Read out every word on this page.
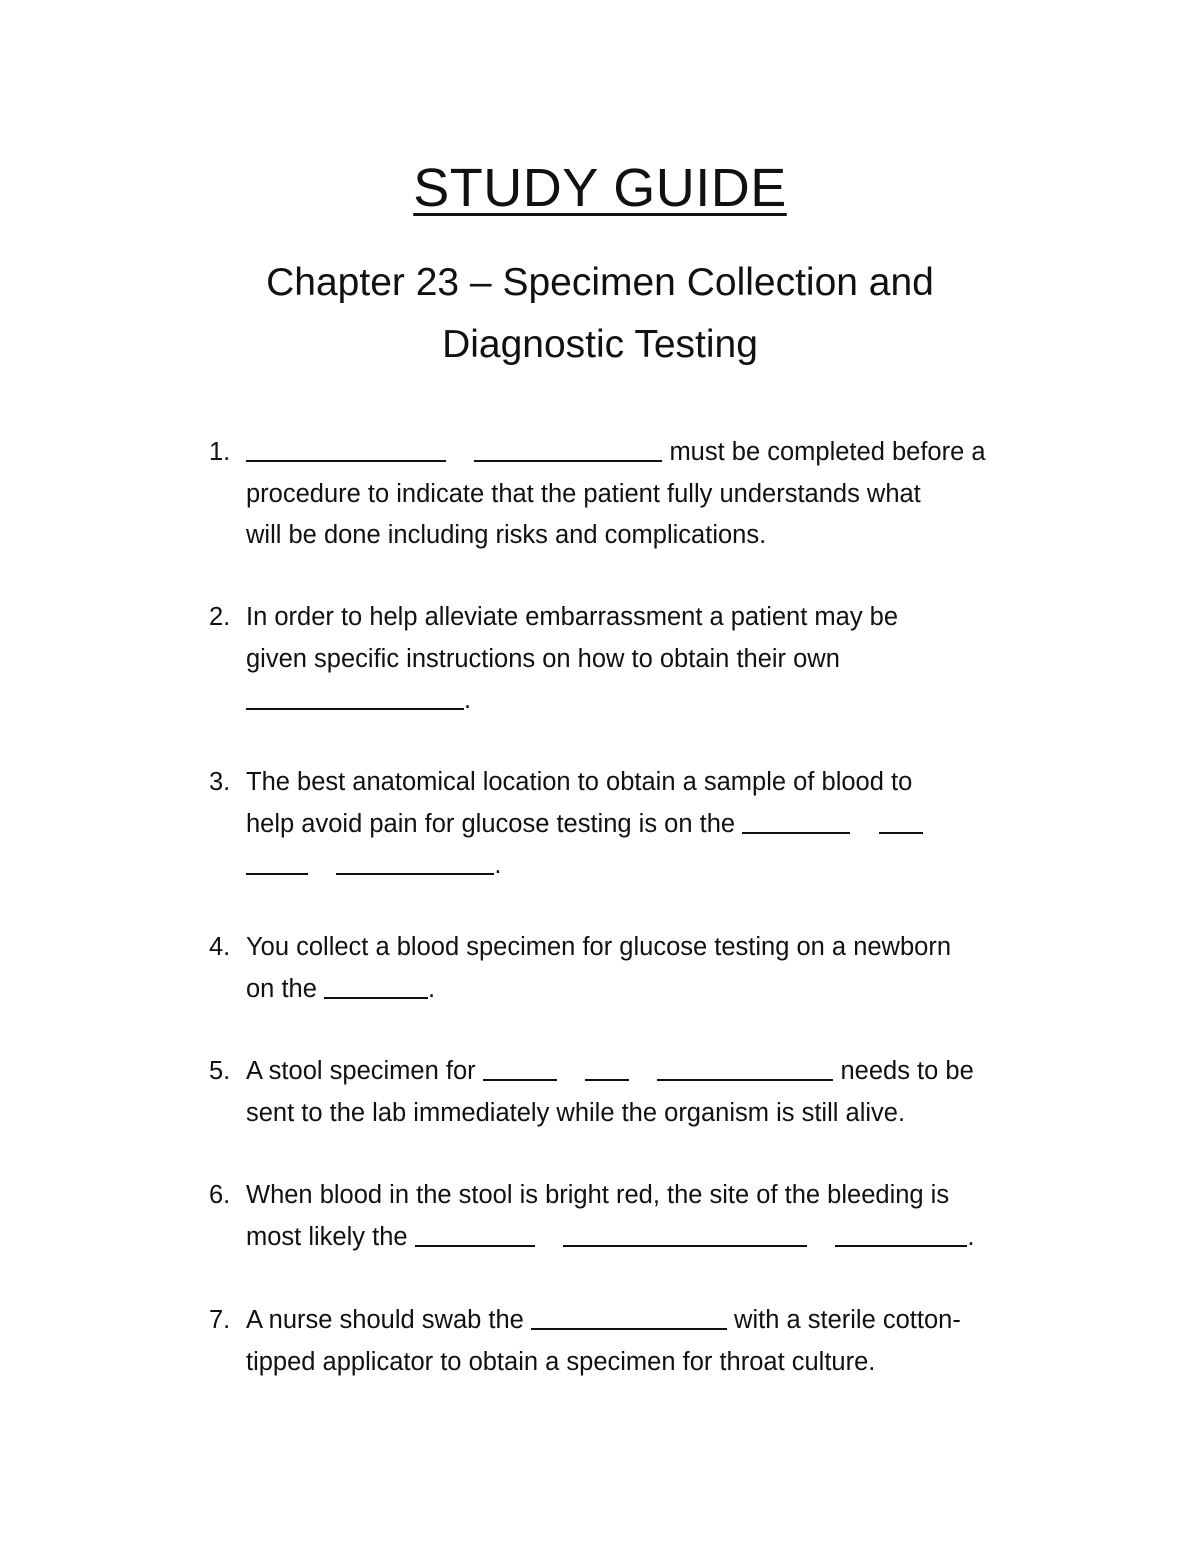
STUDY GUIDE
Chapter 23 – Specimen Collection and
Diagnostic Testing
1.	must be completed before a
procedure to indicate that the patient fully understands what
will be done including risks and complications.
2. In order to help alleviate embarrassment a patient may be
given specific instructions on how to obtain their own
.
3. The best anatomical location to obtain a sample of blood to
help avoid pain for glucose testing is on the
.
4. You collect a blood specimen for glucose testing on a newborn
on the	.
5. A stool specimen for	needs to be
sent to the lab immediately while the organism is still alive.
6. When blood in the stool is bright red, the site of the bleeding is
most likely the	.
7. A nurse should swab the	with a sterile cotton-
tipped applicator to obtain a specimen for throat culture.
